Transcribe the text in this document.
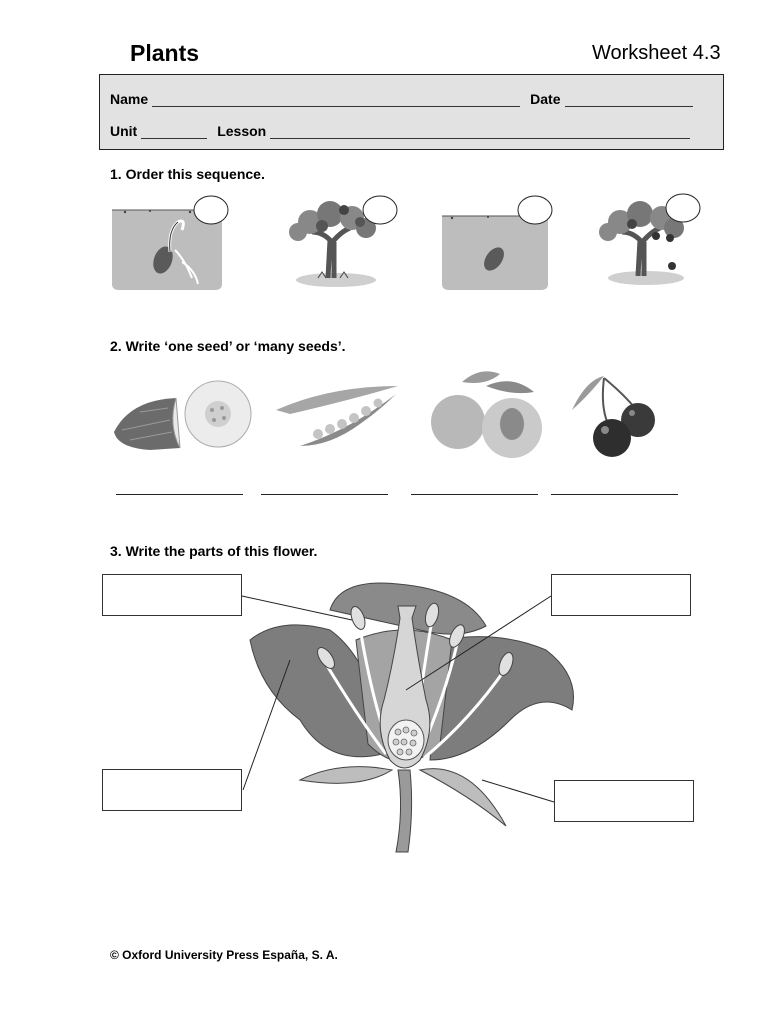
Plants	Worksheet 4.3
Name	Date
Unit	Lesson
1. Order this sequence.
2. Write ‘one seed’ or ‘many seeds’.
3. Write the parts of this flower.
© Oxford University Press España, S. A.
